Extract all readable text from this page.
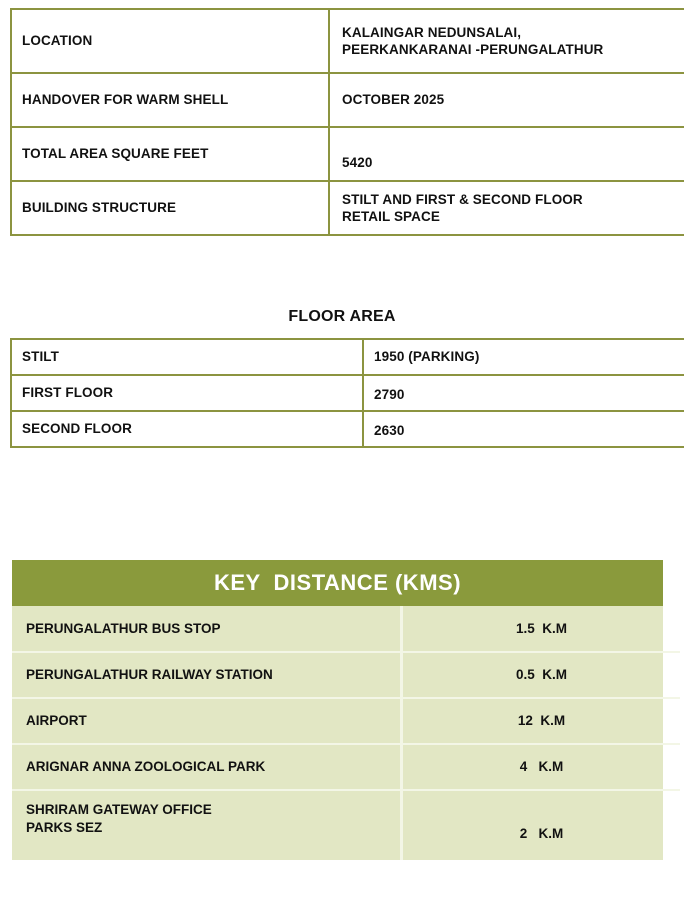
LOCATION	KALAINGAR NEDUNSALAI,
PEERKANKARANAI -PERUNGALATHUR
HANDOVER FOR WARM SHELL	OCTOBER 2025
TOTAL AREA SQUARE FEET	5420

BUILDING STRUCTURE	STILT AND FIRST & SECOND FLOOR
RETAIL SPACE
FLOOR AREA
STILT	1950 (PARKING)
FIRST FLOOR	2790

SECOND FLOOR	2630
KEY  DISTANCE (KMS)
PERUNGALATHUR BUS STOP	1.5  K.M
PERUNGALATHUR RAILWAY STATION	0.5  K.M
AIRPORT	12  K.M
ARIGNAR ANNA ZOOLOGICAL PARK	4   K.M
SHRIRAM GATEWAY OFFICE
PARKS SEZ	2   K.M
